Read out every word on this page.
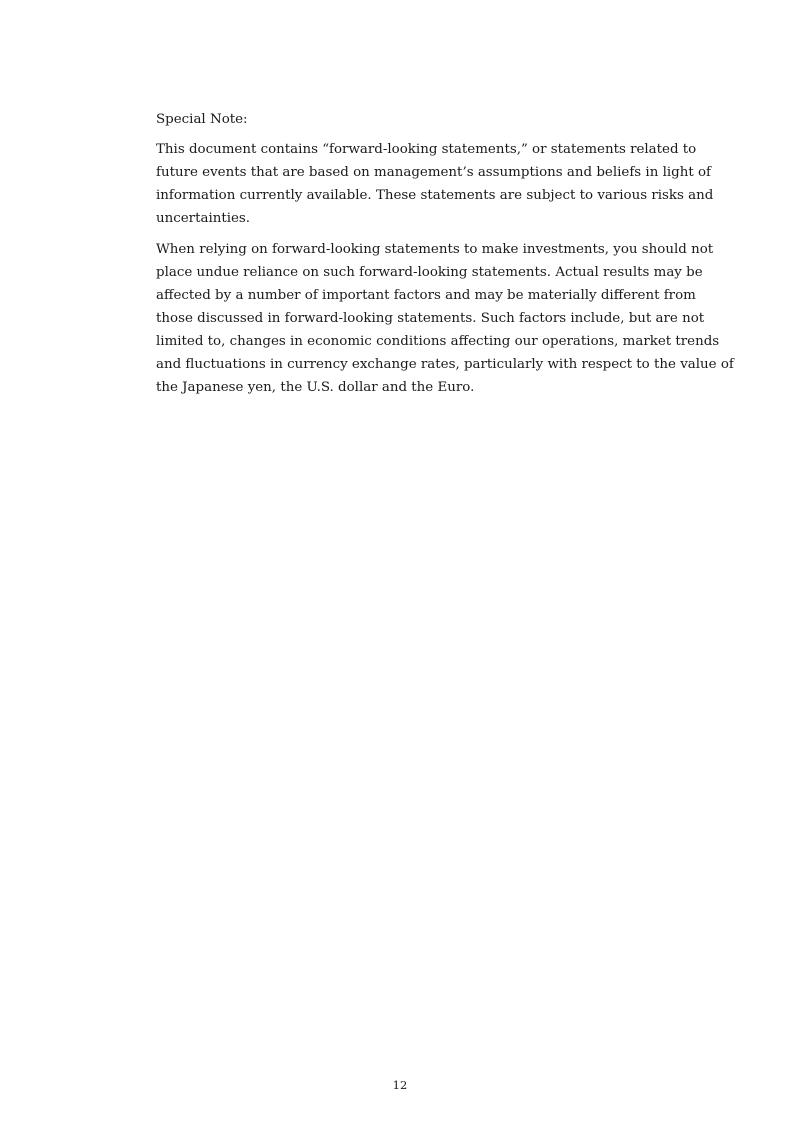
Special Note:

This document contains “forward-looking statements,” or statements related to
future events that are based on management’s assumptions and beliefs in light of
information currently available. These statements are subject to various risks and
uncertainties.

When relying on forward-looking statements to make investments, you should not
place undue reliance on such forward-looking statements. Actual results may be
affected by a number of important factors and may be materially different from
those discussed in forward-looking statements. Such factors include, but are not
limited to, changes in economic conditions affecting our operations, market trends
and fluctuations in currency exchange rates, particularly with respect to the value of
the Japanese yen, the U.S. dollar and the Euro.

12
